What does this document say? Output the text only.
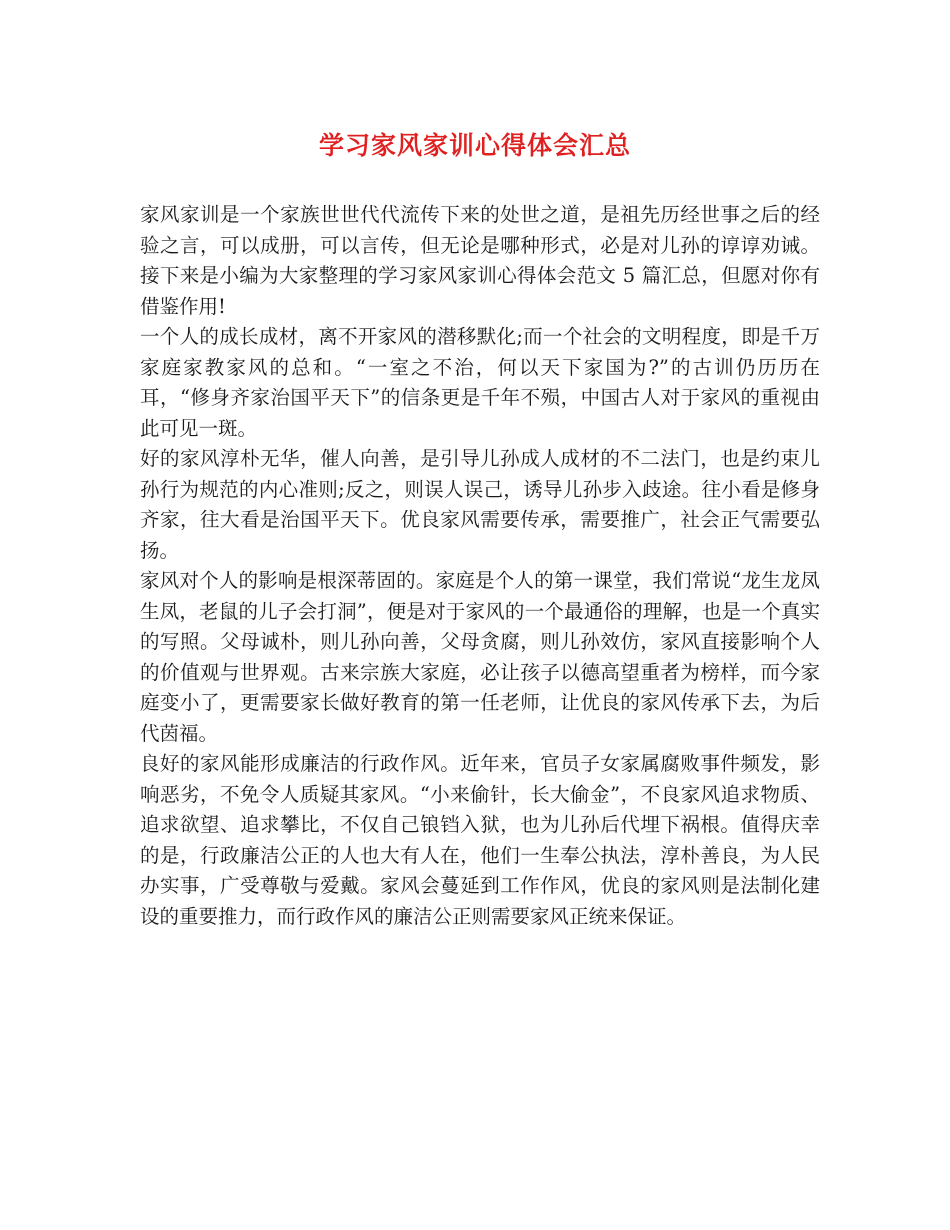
学习家风家训心得体会汇总

家风家训是一个家族世世代代流传下来的处世之道，是祖先历经世事之后的经验之言，可以成册，可以言传，但无论是哪种形式，必是对儿孙的谆谆劝诫。接下来是小编为大家整理的学习家风家训心得体会范文 5 篇汇总，但愿对你有借鉴作用!

一个人的成长成材，离不开家风的潜移默化;而一个社会的文明程度，即是千万家庭家教家风的总和。“一室之不治，何以天下家国为?”的古训仍历历在耳，“修身齐家治国平天下”的信条更是千年不殒，中国古人对于家风的重视由此可见一斑。

好的家风淳朴无华，催人向善，是引导儿孙成人成材的不二法门，也是约束儿孙行为规范的内心准则;反之，则误人误己，诱导儿孙步入歧途。往小看是修身齐家，往大看是治国平天下。优良家风需要传承，需要推广，社会正气需要弘扬。

家风对个人的影响是根深蒂固的。家庭是个人的第一课堂，我们常说“龙生龙凤生凤，老鼠的儿子会打洞”，便是对于家风的一个最通俗的理解，也是一个真实的写照。父母诚朴，则儿孙向善，父母贪腐，则儿孙效仿，家风直接影响个人的价值观与世界观。古来宗族大家庭，必让孩子以德高望重者为榜样，而今家庭变小了，更需要家长做好教育的第一任老师，让优良的家风传承下去，为后代茵福。

良好的家风能形成廉洁的行政作风。近年来，官员子女家属腐败事件频发，影响恶劣，不免令人质疑其家风。“小来偷针，长大偷金”，不良家风追求物质、追求欲望、追求攀比，不仅自己锒铛入狱，也为儿孙后代埋下祸根。值得庆幸的是，行政廉洁公正的人也大有人在，他们一生奉公执法，淳朴善良，为人民办实事，广受尊敬与爱戴。家风会蔓延到工作作风，优良的家风则是法制化建设的重要推力，而行政作风的廉洁公正则需要家风正统来保证。
